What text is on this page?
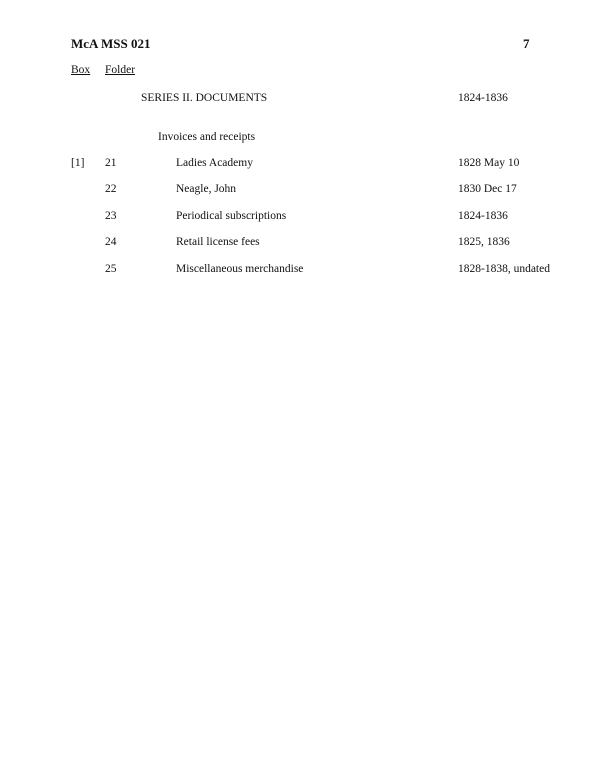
McA MSS 021	7
Box Folder
SERIES II. DOCUMENTS	1824-1836
Invoices and receipts
[1] 21	Ladies Academy	1828 May 10
22	Neagle, John	1830 Dec 17
23	Periodical subscriptions	1824-1836
24	Retail license fees	1825, 1836
25	Miscellaneous merchandise	1828-1838, undated
